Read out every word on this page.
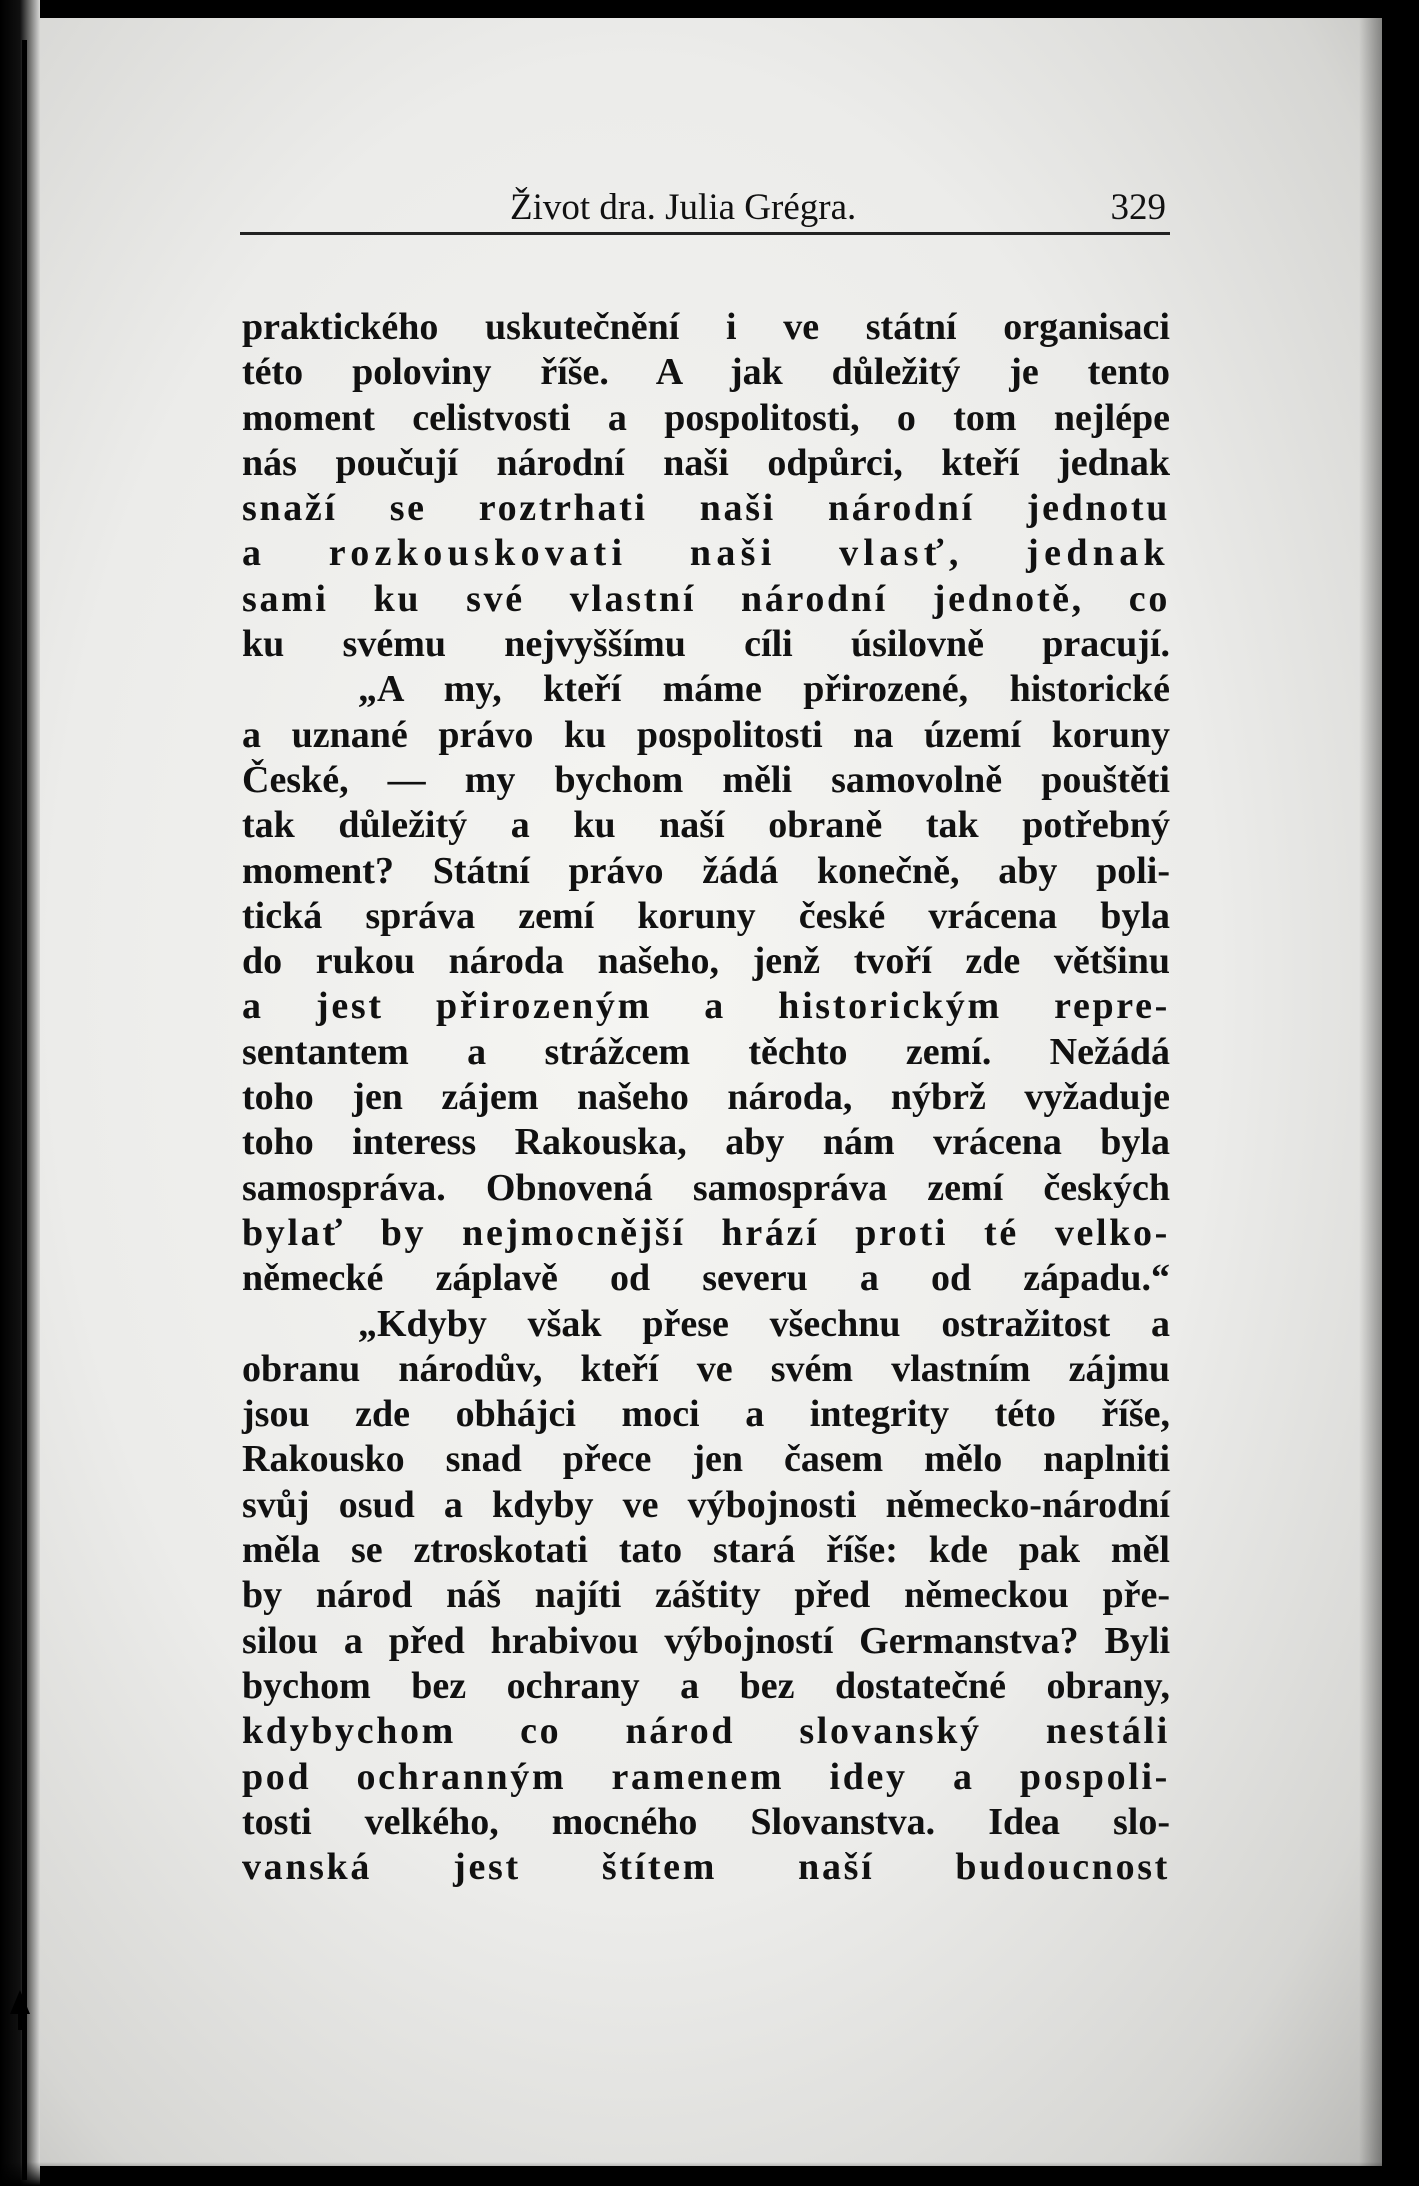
Život dra. Julia Grégra.	329
praktického uskutečnění i ve státní organisaci
této poloviny říše. A jak důležitý je tento
moment celistvosti a pospolitosti, o tom nejlépe
nás poučují národní naši odpůrci, kteří jednak
snaží se roztrhati naši národní jednotu
a rozkouskovati naši vlasť, jednak
sami ku své vlastní národní jednotě, co
ku svému nejvyššímu cíli úsilovně pracují.
„A my, kteří máme přirozené, historické
a uznané právo ku pospolitosti na území koruny
České, — my bychom měli samovolně pouštěti
tak důležitý a ku naší obraně tak potřebný
moment? Státní právo žádá konečně, aby poli-
tická správa zemí koruny české vrácena byla
do rukou národa našeho, jenž tvoří zde většinu
a jest přirozeným a historickým repre-
sentantem a strážcem těchto zemí. Nežádá
toho jen zájem našeho národa, nýbrž vyžaduje
toho interess Rakouska, aby nám vrácena byla
samospráva. Obnovená samospráva zemí českých
bylať by nejmocnější hrází proti té velko-
německé záplavě od severu a od západu.“
„Kdyby však přese všechnu ostražitost a
obranu národův, kteří ve svém vlastním zájmu
jsou zde obhájci moci a integrity této říše,
Rakousko snad přece jen časem mělo naplniti
svůj osud a kdyby ve výbojnosti německo-národní
měla se ztroskotati tato stará říše: kde pak měl
by národ náš najíti záštity před německou pře-
silou a před hrabivou výbojností Germanstva? Byli
bychom bez ochrany a bez dostatečné obrany,
kdybychom co národ slovanský nestáli
pod ochranným ramenem idey a pospoli-
tosti velkého, mocného Slovanstva. Idea slo-
vanská jest štítem naší budoucnost
